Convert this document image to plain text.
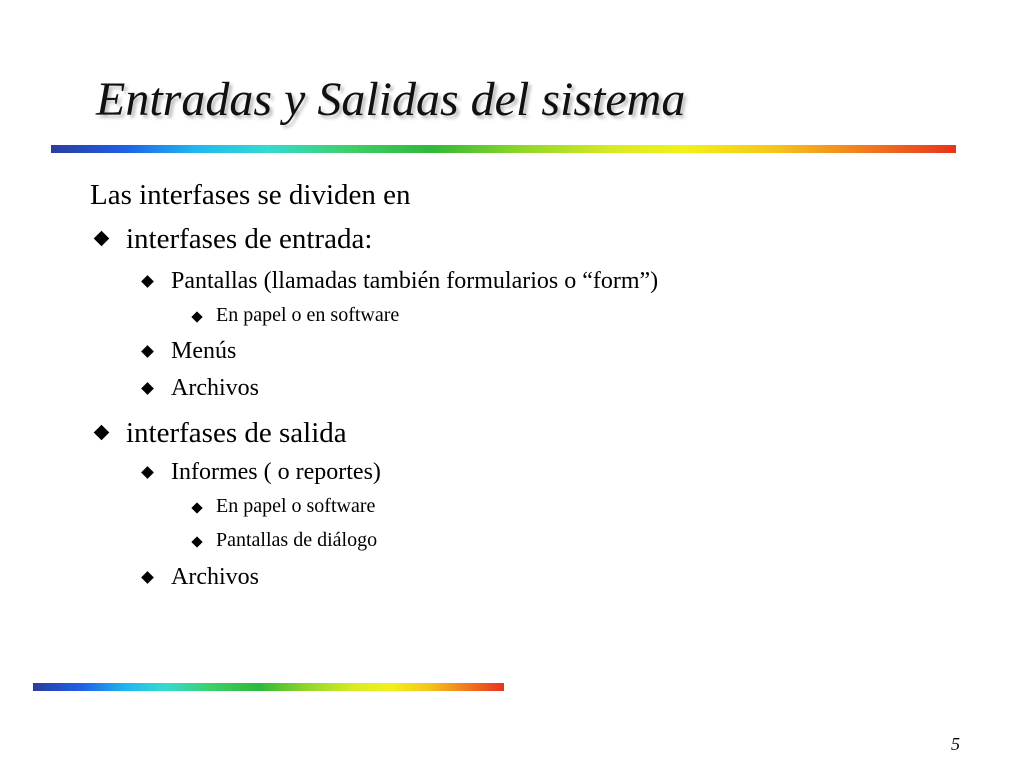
Entradas y Salidas del sistema
Las interfases se dividen en
interfases de entrada:
Pantallas (llamadas también formularios o “form”)
En papel o en software
Menús
Archivos
interfases de salida
Informes ( o reportes)
En papel o software
Pantallas de diálogo
Archivos
5
